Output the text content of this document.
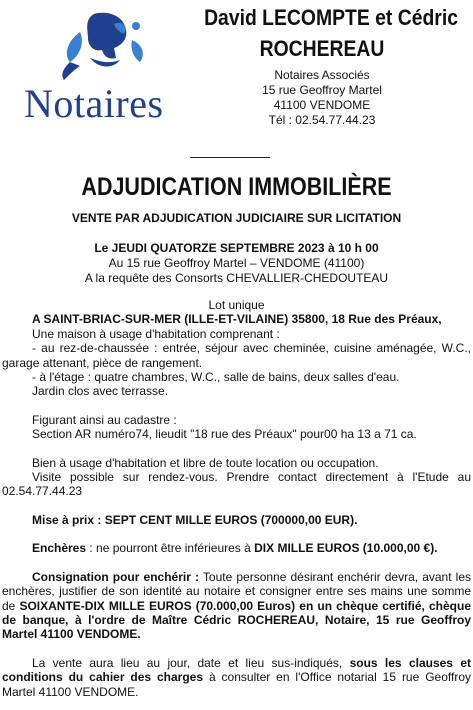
Notaires
David LECOMPTE et Cédric
ROCHEREAU
Notaires Associés
15 rue Geoffroy Martel
41100 VENDOME
Tél : 02.54.77.44.23
ADJUDICATION IMMOBILIÈRE
VENTE PAR ADJUDICATION JUDICIAIRE SUR LICITATION
Le JEUDI QUATORZE SEPTEMBRE 2023 à 10 h 00
Au 15 rue Geoffroy Martel – VENDOME (41100)
A la requête des Consorts CHEVALLIER-CHEDOUTEAU

Lot unique

A SAINT-BRIAC-SUR-MER (ILLE-ET-VILAINE) 35800, 18 Rue des Préaux,

Une maison à usage d'habitation comprenant :

- au rez-de-chaussée : entrée, séjour avec cheminée, cuisine aménagée, W.C., garage attenant, pièce de rangement.

- à l'étage : quatre chambres, W.C., salle de bains, deux salles d'eau.

Jardin clos avec terrasse.

Figurant ainsi au cadastre :

Section AR numéro74, lieudit "18 rue des Préaux" pour00 ha 13 a 71 ca.

Bien à usage d'habitation et libre de toute location ou occupation.

Visite possible sur rendez-vous. Prendre contact directement à l'Etude au 02.54.77.44.23

Mise à prix : SEPT CENT MILLE EUROS (700000,00 EUR).

Enchères : ne pourront être inférieures à DIX MILLE EUROS (10.000,00 €).

Consignation pour enchérir : Toute personne désirant enchérir devra, avant les enchères, justifier de son identité au notaire et consigner entre ses mains une somme de SOIXANTE-DIX MILLE EUROS (70.000,00 Euros) en un chèque certifié, chèque de banque, à l'ordre de Maître Cédric ROCHEREAU, Notaire, 15 rue Geoffroy Martel 41100 VENDOME.

La vente aura lieu au jour, date et lieu sus-indiqués, sous les clauses et conditions du cahier des charges à consulter en l'Office notarial 15 rue Geoffroy Martel 41100 VENDOME.
